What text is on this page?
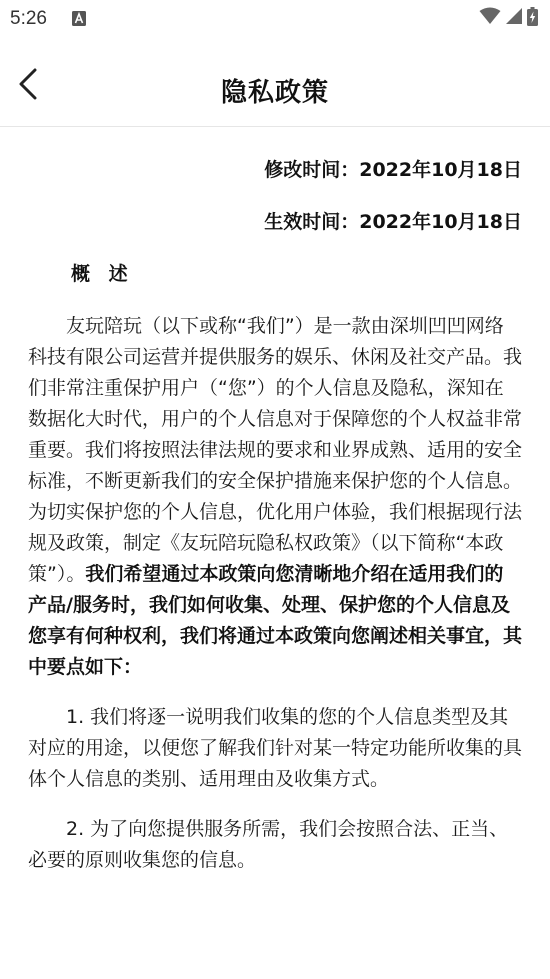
5:26
隐私政策
修改时间：2022年10月18日
生效时间：2022年10月18日
概 述

友玩陪玩（以下或称“我们”）是一款由深圳凹凹网络科技有限公司运营并提供服务的娱乐、休闲及社交产品。我们非常注重保护用户（“您”）的个人信息及隐私，深知在数据化大时代，用户的个人信息对于保障您的个人权益非常重要。我们将按照法律法规的要求和业界成熟、适用的安全标准，不断更新我们的安全保护措施来保护您的个人信息。为切实保护您的个人信息，优化用户体验，我们根据现行法规及政策，制定《友玩陪玩隐私权政策》（以下简称“本政策”）。我们希望通过本政策向您清晰地介绍在适用我们的产品/服务时，我们如何收集、处理、保护您的个人信息及您享有何种权利，我们将通过本政策向您阐述相关事宜，其中要点如下：

1. 我们将逐一说明我们收集的您的个人信息类型及其对应的用途，以便您了解我们针对某一特定功能所收集的具体个人信息的类别、适用理由及收集方式。

2. 为了向您提供服务所需，我们会按照合法、正当、必要的原则收集您的信息。
